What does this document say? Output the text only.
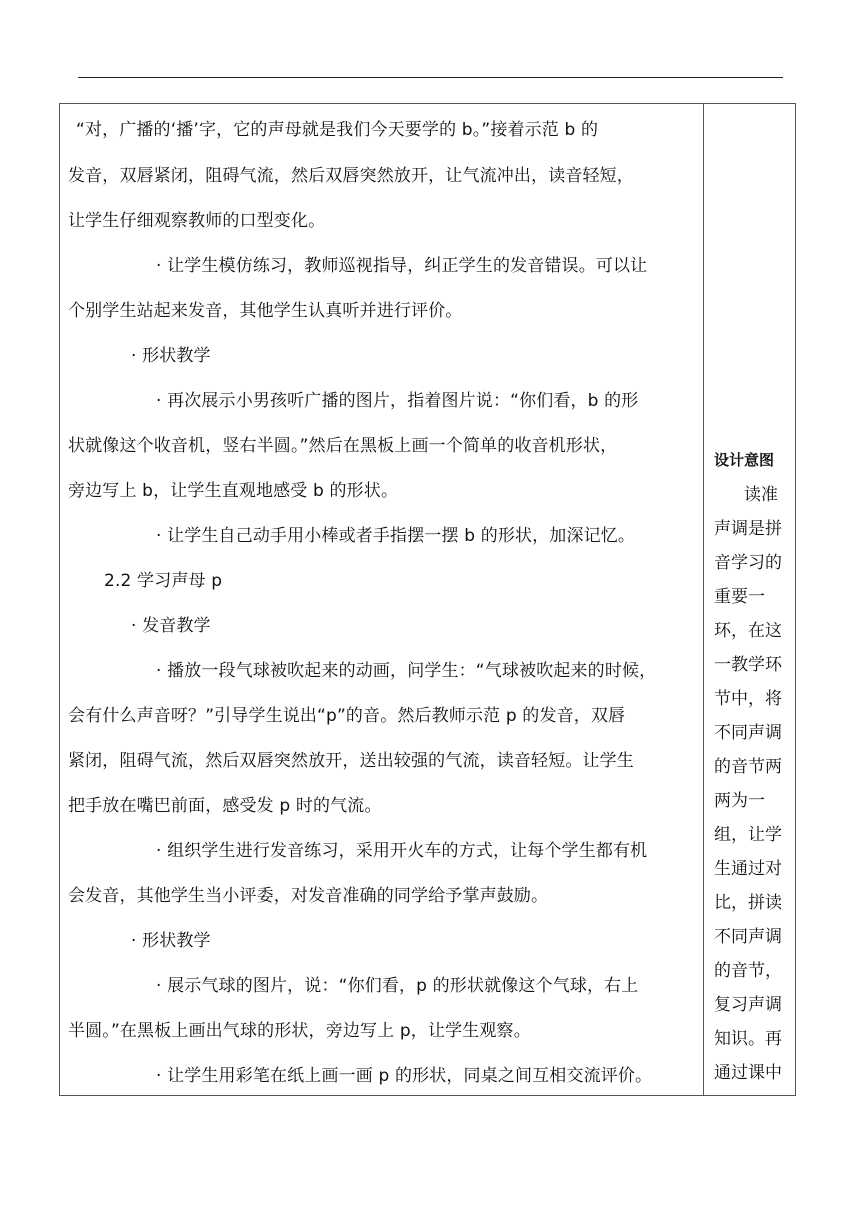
“对，广播的‘播’字，它的声母就是我们今天要学的 b。”接着示范 b 的
发音，双唇紧闭，阻碍气流，然后双唇突然放开，让气流冲出，读音轻短，
让学生仔细观察教师的口型变化。
· 让学生模仿练习，教师巡视指导，纠正学生的发音错误。可以让
个别学生站起来发音，其他学生认真听并进行评价。
· 形状教学
· 再次展示小男孩听广播的图片，指着图片说：“你们看，b 的形
状就像这个收音机，竖右半圆。”然后在黑板上画一个简单的收音机形状，
旁边写上 b，让学生直观地感受 b 的形状。
· 让学生自己动手用小棒或者手指摆一摆 b 的形状，加深记忆。
2.2 学习声母 p
· 发音教学
· 播放一段气球被吹起来的动画，问学生：“气球被吹起来的时候，
会有什么声音呀？”引导学生说出“p”的音。然后教师示范 p 的发音，双唇
紧闭，阻碍气流，然后双唇突然放开，送出较强的气流，读音轻短。让学生
把手放在嘴巴前面，感受发 p 时的气流。
· 组织学生进行发音练习，采用开火车的方式，让每个学生都有机
会发音，其他学生当小评委，对发音准确的同学给予掌声鼓励。
· 形状教学
· 展示气球的图片，说：“你们看，p 的形状就像这个气球，右上
半圆。”在黑板上画出气球的形状，旁边写上 p，让学生观察。
· 让学生用彩笔在纸上画一画 p 的形状，同桌之间互相交流评价。
设计意图
读准
声调是拼
音学习的
重要一
环，在这
一教学环
节中，将
不同声调
的音节两
两为一
组，让学
生通过对
比，拼读
不同声调
的音节，
复习声调
知识。再
通过课中
